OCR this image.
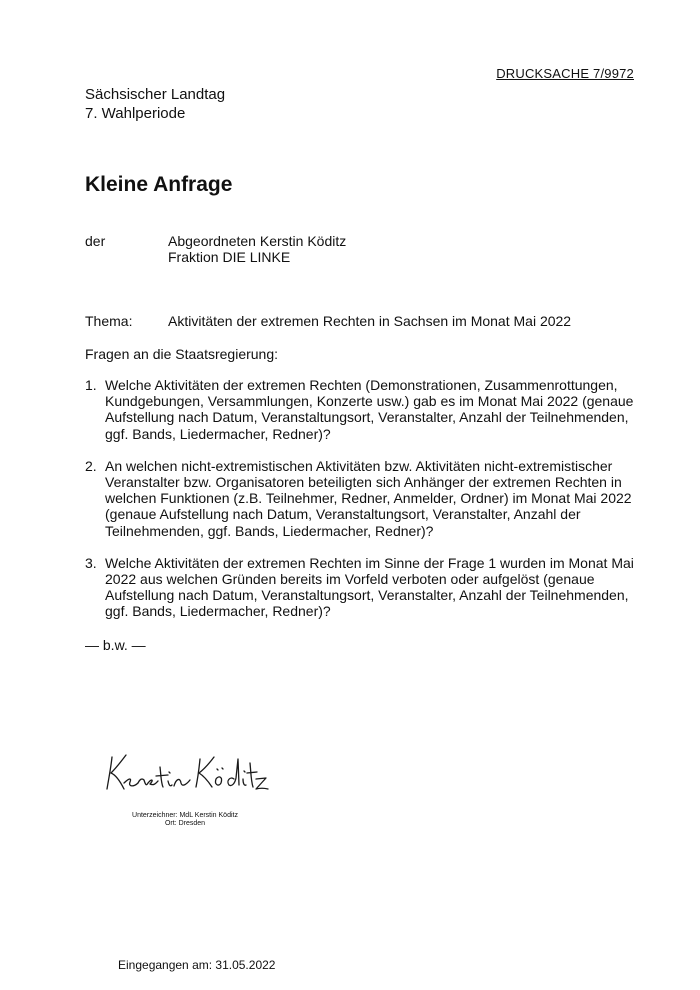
DRUCKSACHE 7/9972
Sächsischer Landtag
7. Wahlperiode
Kleine Anfrage
der	Abgeordneten Kerstin Köditz
Fraktion DIE LINKE
Thema:	Aktivitäten der extremen Rechten in Sachsen im Monat Mai 2022
Fragen an die Staatsregierung:
1. Welche Aktivitäten der extremen Rechten (Demonstrationen, Zusammenrottungen, Kundgebungen, Versammlungen, Konzerte usw.) gab es im Monat Mai 2022 (genaue Aufstellung nach Datum, Veranstaltungsort, Veranstalter, Anzahl der Teilnehmenden, ggf. Bands, Liedermacher, Redner)?
2. An welchen nicht-extremistischen Aktivitäten bzw. Aktivitäten nicht-extremistischer Veranstalter bzw. Organisatoren beteiligten sich Anhänger der extremen Rechten in welchen Funktionen (z.B. Teilnehmer, Redner, Anmelder, Ordner) im Monat Mai 2022 (genaue Aufstellung nach Datum, Veranstaltungsort, Veranstalter, Anzahl der Teilnehmenden, ggf. Bands, Liedermacher, Redner)?
3. Welche Aktivitäten der extremen Rechten im Sinne der Frage 1 wurden im Monat Mai 2022 aus welchen Gründen bereits im Vorfeld verboten oder aufgelöst (genaue Aufstellung nach Datum, Veranstaltungsort, Veranstalter, Anzahl der Teilnehmenden, ggf. Bands, Liedermacher, Redner)?
— b.w. —
Unterzeichner: MdL Kerstin Köditz
Ort: Dresden
Eingegangen am: 31.05.2022
